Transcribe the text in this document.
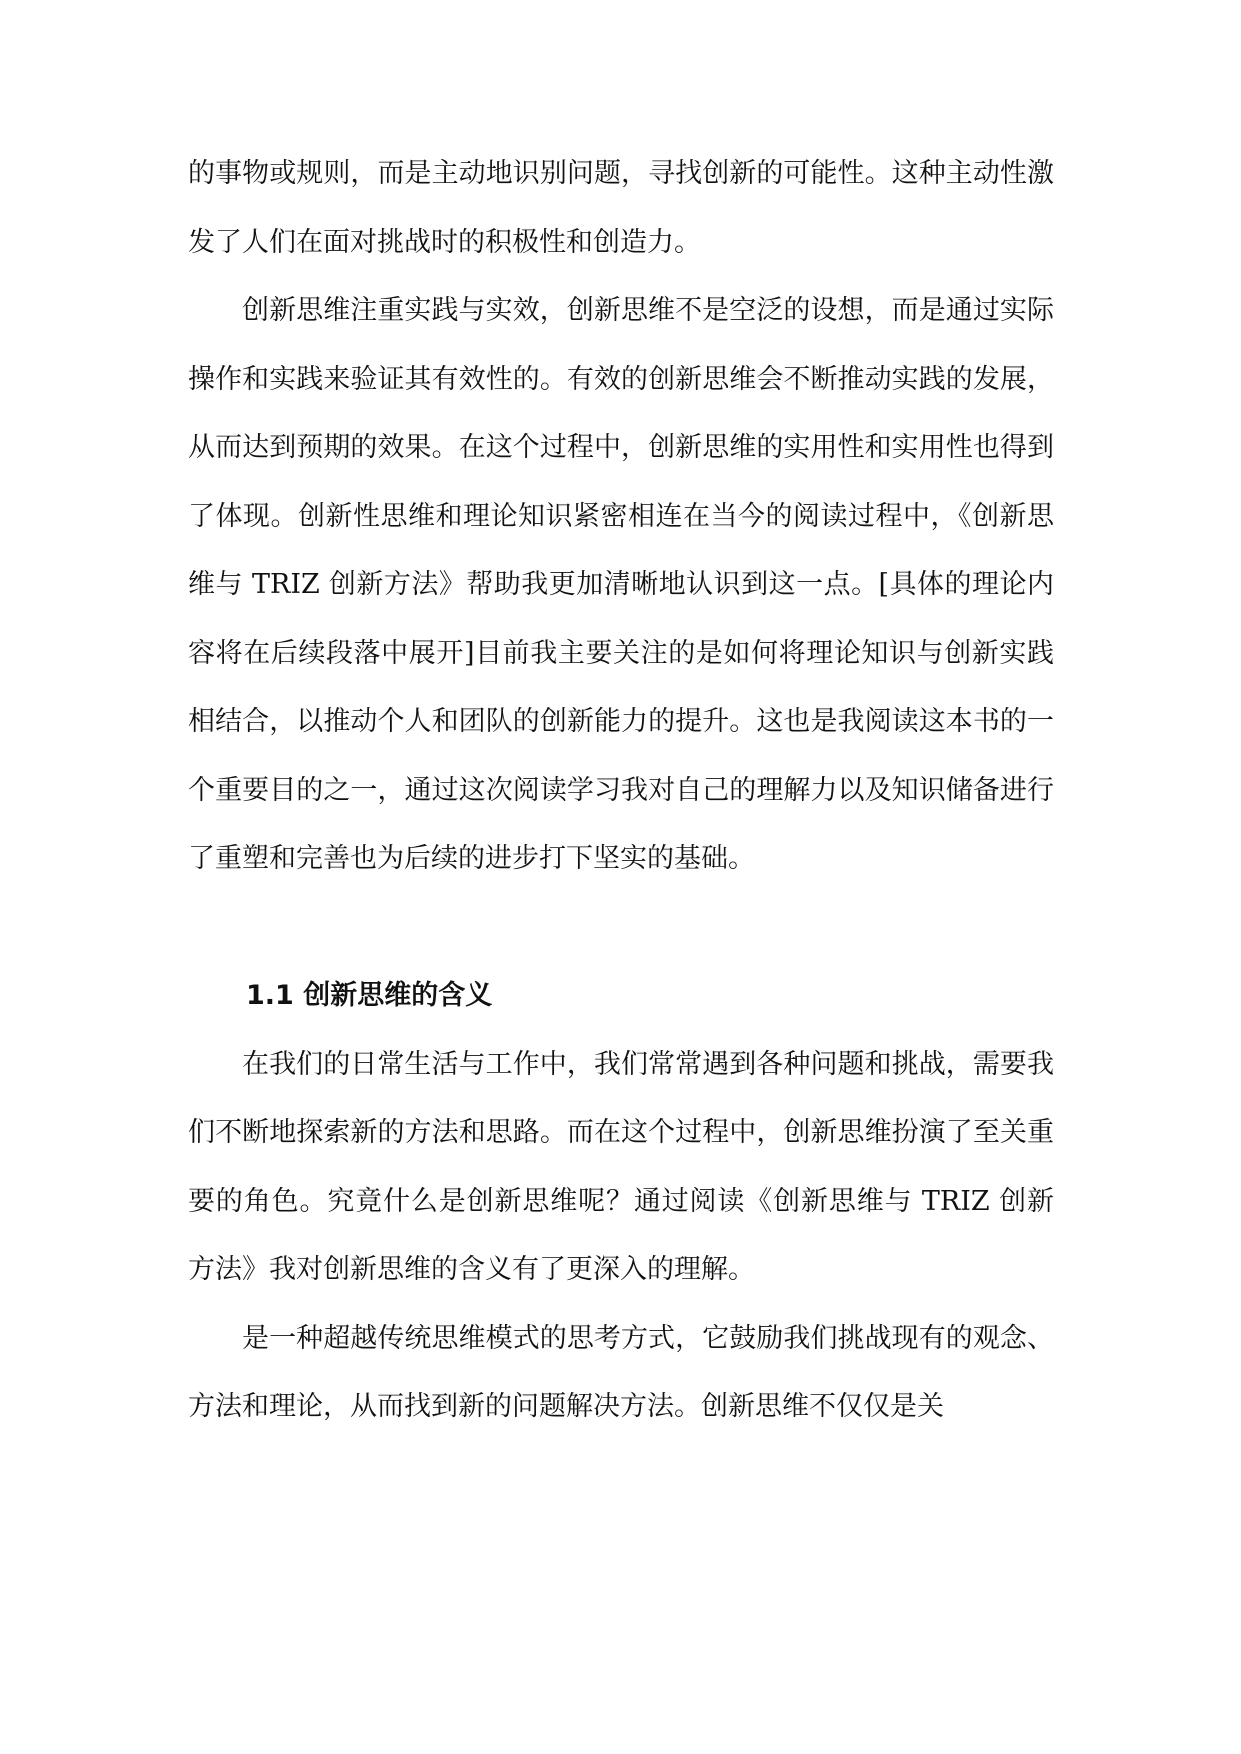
的事物或规则，而是主动地识别问题，寻找创新的可能性。这种主动性激发了人们在面对挑战时的积极性和创造力。

创新思维注重实践与实效，创新思维不是空泛的设想，而是通过实际操作和实践来验证其有效性的。有效的创新思维会不断推动实践的发展，从而达到预期的效果。在这个过程中，创新思维的实用性和实用性也得到了体现。创新性思维和理论知识紧密相连在当今的阅读过程中，《创新思维与 TRIZ 创新方法》帮助我更加清晰地认识到这一点。[具体的理论内容将在后续段落中展开]目前我主要关注的是如何将理论知识与创新实践相结合，以推动个人和团队的创新能力的提升。这也是我阅读这本书的一个重要目的之一，通过这次阅读学习我对自己的理解力以及知识储备进行了重塑和完善也为后续的进步打下坚实的基础。

1.1 创新思维的含义

在我们的日常生活与工作中，我们常常遇到各种问题和挑战，需要我们不断地探索新的方法和思路。而在这个过程中，创新思维扮演了至关重要的角色。究竟什么是创新思维呢？通过阅读《创新思维与 TRIZ 创新方法》我对创新思维的含义有了更深入的理解。

是一种超越传统思维模式的思考方式，它鼓励我们挑战现有的观念、方法和理论，从而找到新的问题解决方法。创新思维不仅仅是关
